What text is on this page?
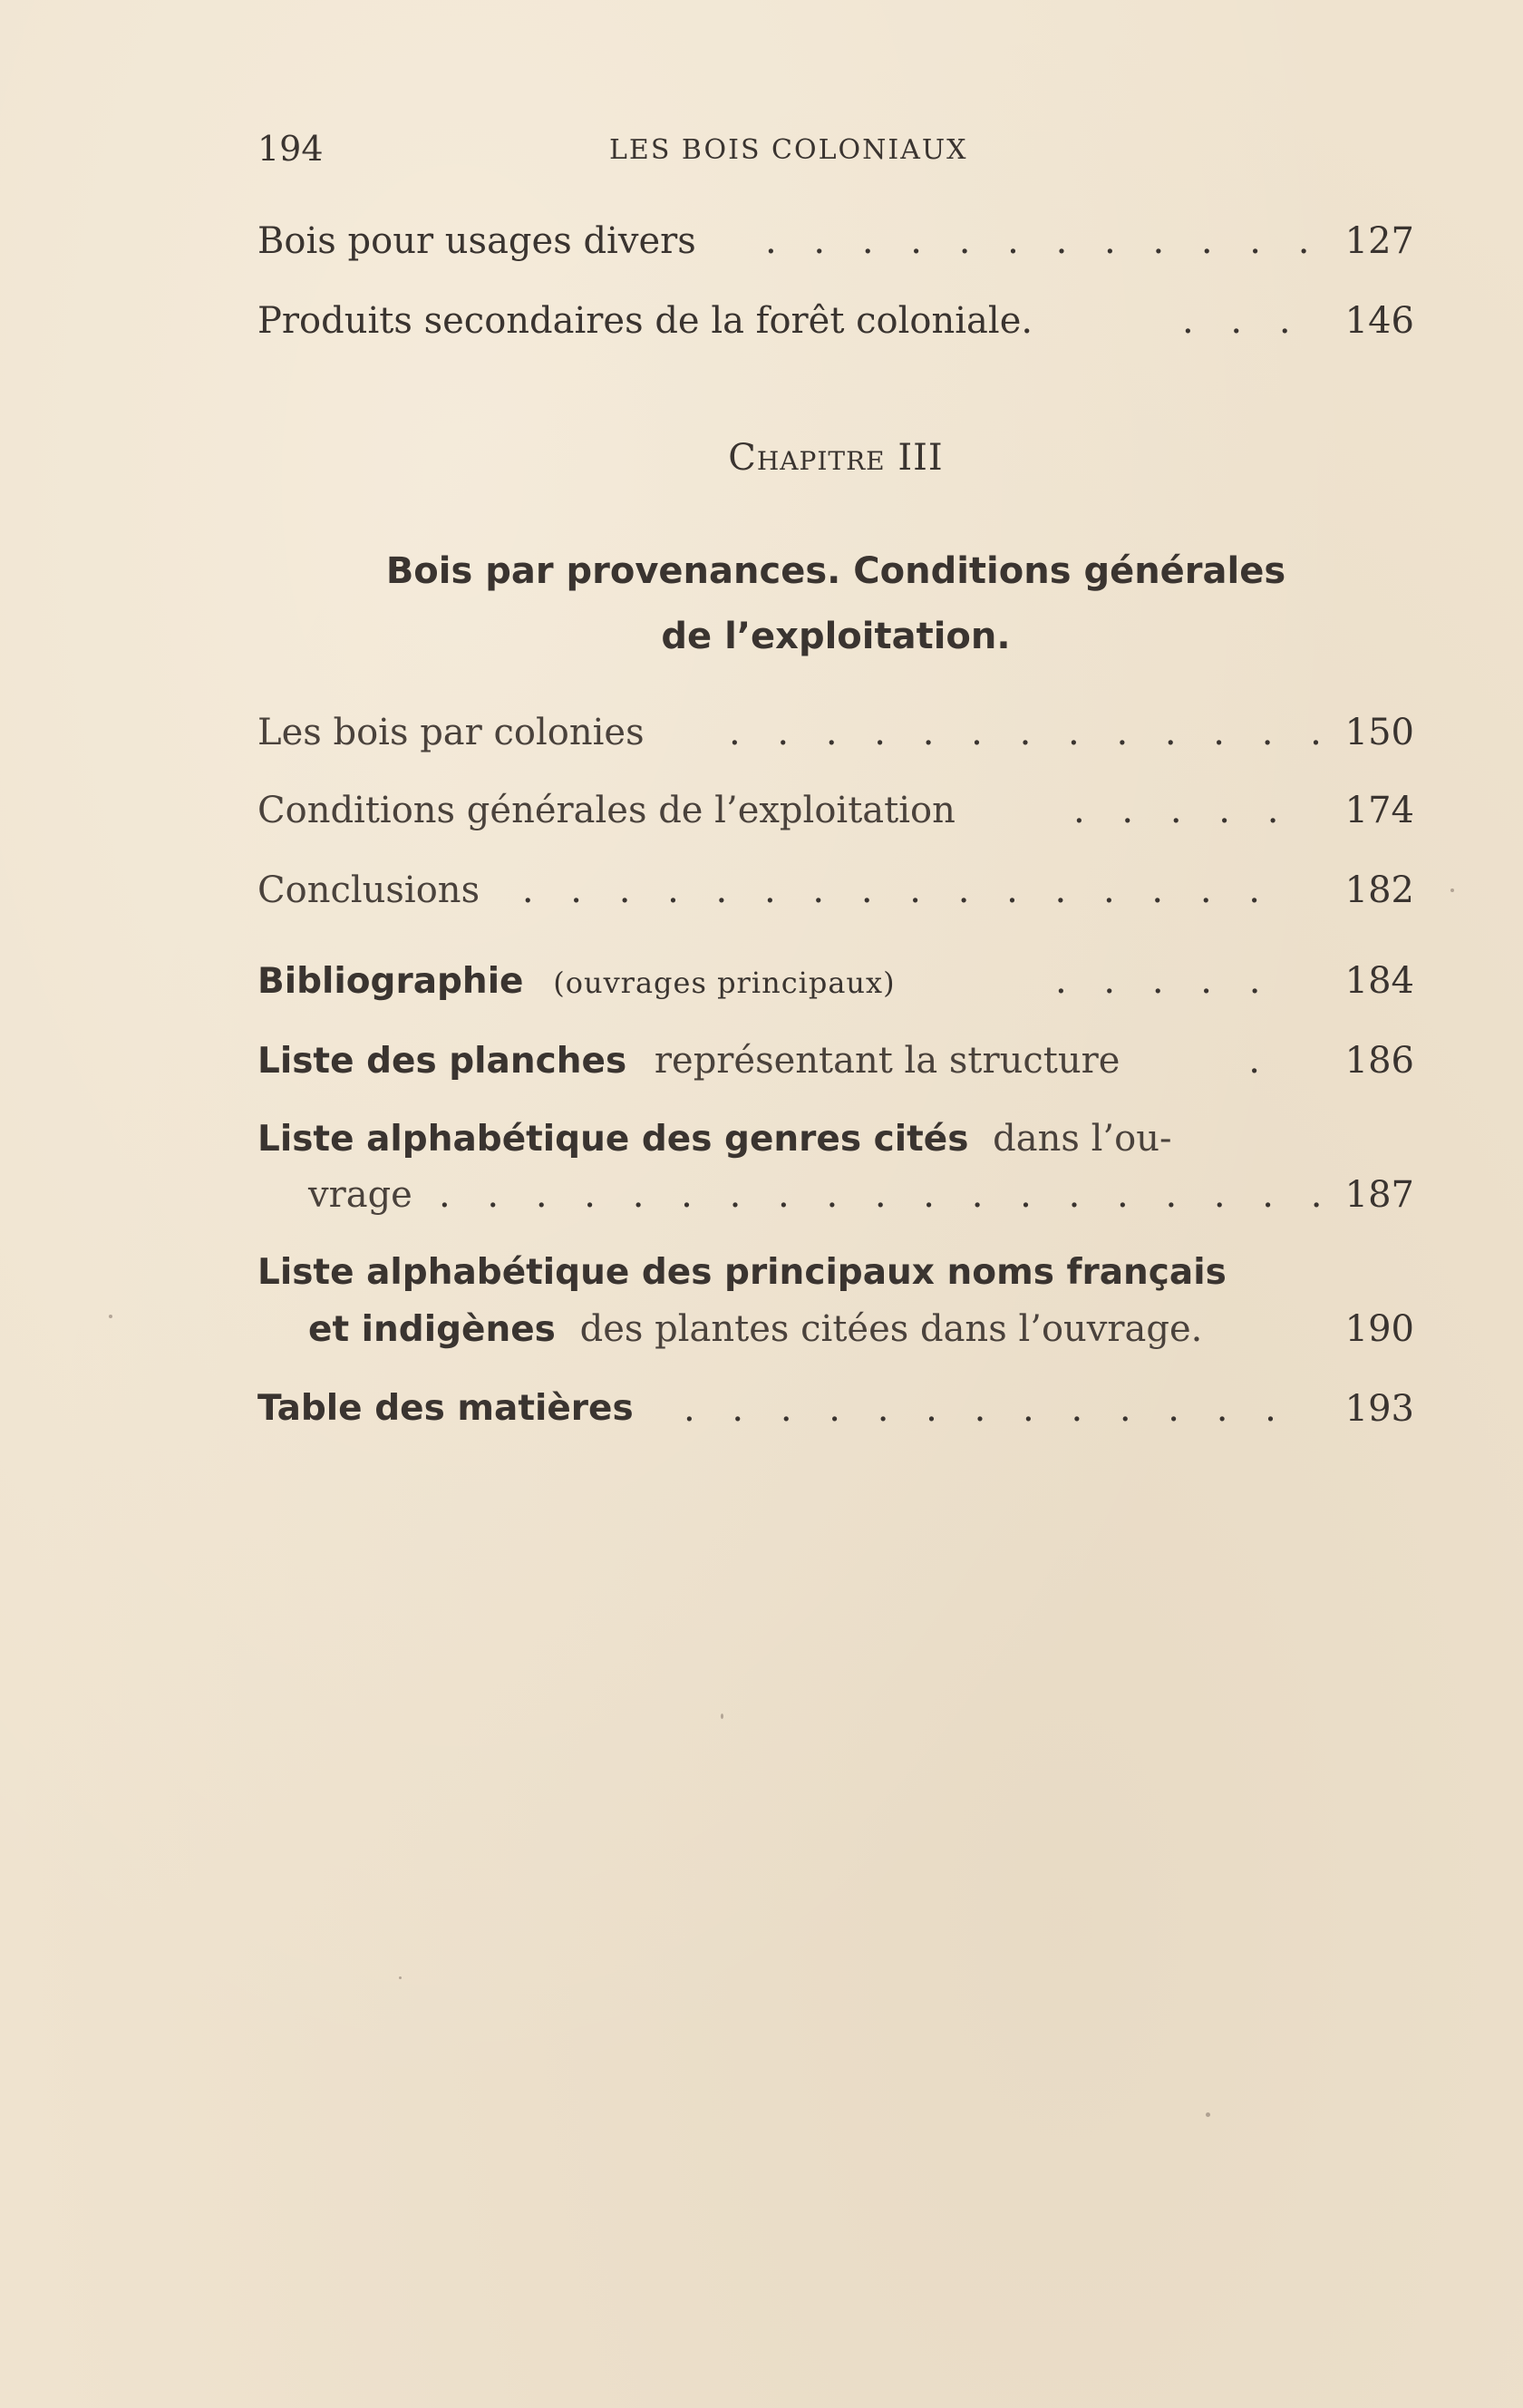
194	LES BOIS COLONIAUX
Bois pour usages divers . . . . . . . . . . . . 127
Produits secondaires de la forêt coloniale.	. . .	146
Chapitre III
Bois par provenances. Conditions générales
de l’exploitation.
Les bois par colonies . . . . . . . . . . . . . 150
Conditions générales de l’exploitation	. . . . .	174
Conclusions . . . . . . . . . . . . . . . .	182
Bibliographie (ouvrages principaux)	. . . . .	184
Liste des planches représentant la structure	.	186
Liste alphabétique des genres cités dans l’ou-
vrage . . . . . . . . . . . . . . . . . . . 187
Liste alphabétique des principaux noms français
et indigènes des plantes citées dans l’ouvrage.	190
Table des matières . . . . . . . . . . . . .	193
